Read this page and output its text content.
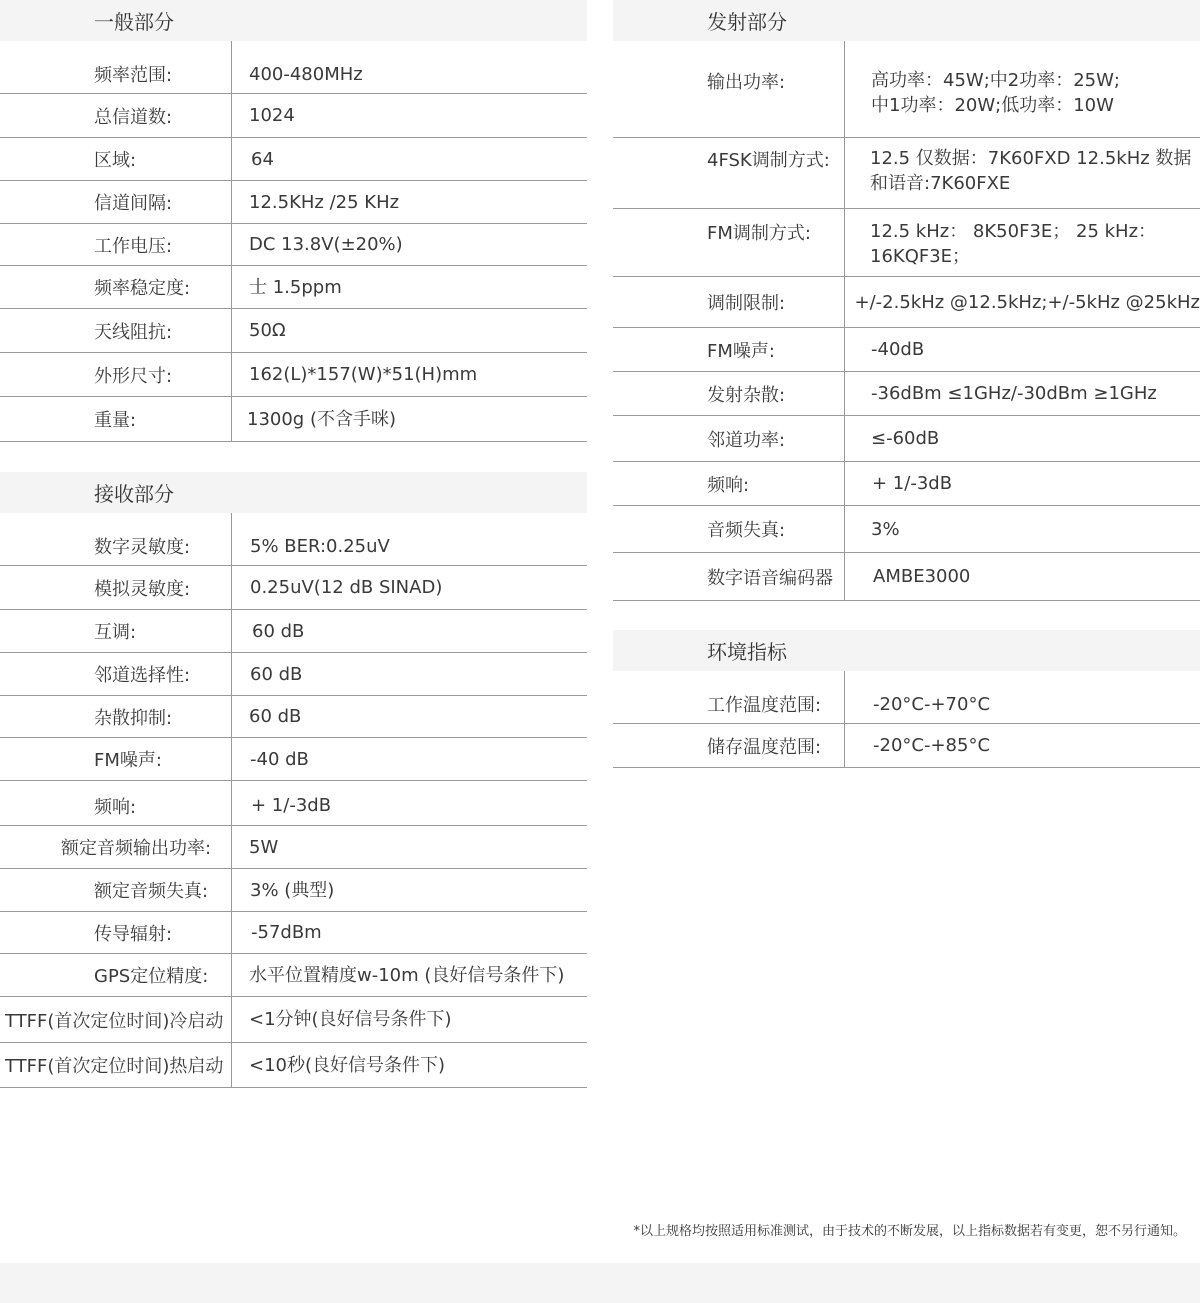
一般部分
频率范围:	400-480MHz
总信道数:	1024
区域:	64
信道间隔:	12.5KHz /25 KHz
工作电压:	DC 13.8V(±20%)
频率稳定度:	士 1.5ppm
天线阻抗:	50Ω
外形尺寸:	162(L)*157(W)*51(H)mm
重量:	1300g (不含手咪)
接收部分
数字灵敏度:	5% BER:0.25uV
模拟灵敏度:	0.25uV(12 dB SINAD)
互调:	60 dB
邻道选择性:	60 dB
杂散抑制:	60 dB
FM噪声:	-40 dB
频响:	+ 1/-3dB
额定音频输出功率:	5W
额定音频失真:	3% (典型)
传导辐射:	-57dBm
GPS定位精度:	水平位置精度w-10m (良好信号条件下)
TTFF(首次定位时间)冷启动	<1分钟(良好信号条件下)
TTFF(首次定位时间)热启动	<10秒(良好信号条件下)
发射部分
输出功率:	高功率：45W;中2功率：25W;
中1功率：20W;低功率：10W
4FSK调制方式:	12.5 仅数据：7K60FXD 12.5kHz 数据
和语音:7K60FXE
FM调制方式:	12.5 kHz： 8K50F3E； 25 kHz：
16KQF3E；
调制限制:	+/-2.5kHz @12.5kHz;+/-5kHz @25kHz
FM噪声:	-40dB
发射杂散:	-36dBm ≤1GHz/-30dBm ≥1GHz
邻道功率:	≤-60dB
频响:	+ 1/-3dB
音频失真:	3%
数字语音编码器	AMBE3000
环境指标
工作温度范围:	-20°C-+70°C
储存温度范围:	-20°C-+85°C
*以上规格均按照适用标准测试，由于技术的不断发展，以上指标数据若有变更，恕不另行通知。
